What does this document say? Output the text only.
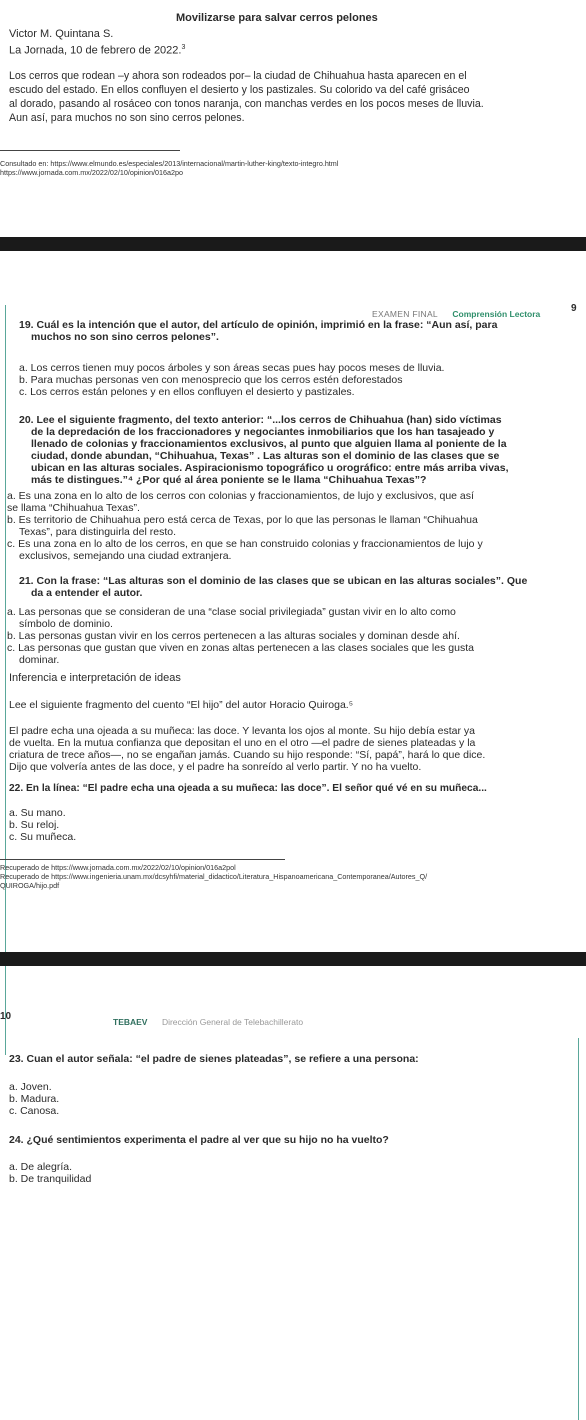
Movilizarse para salvar cerros pelones
Victor M. Quintana S.
La Jornada, 10 de febrero de 2022.$^3$
Los cerros que rodean –y ahora son rodeados por– la ciudad de Chihuahua hasta aparecen en el
escudo del estado. En ellos confluyen el desierto y los pastizales. Su colorido va del café grisáceo
al dorado, pasando al rosáceo con tonos naranja, con manchas verdes en los pocos meses de lluvia.
Aun así, para muchos no son sino cerros pelones.
Consultado en: https://www.elmundo.es/especiales/2013/internacional/martin-luther-king/texto-integro.html
https://www.jornada.com.mx/2022/02/10/opinion/016a2po
EXAMEN FINAL Comprensión Lectora	9
19. Cuál es la intención que el autor, del artículo de opinión, imprimió en la frase: “Aun así, para
muchos no son sino cerros pelones”.
a. Los cerros tienen muy pocos árboles y son áreas secas pues hay pocos meses de lluvia.
b. Para muchas personas ven con menosprecio que los cerros estén deforestados
c. Los cerros están pelones y en ellos confluyen el desierto y pastizales.
20. Lee el siguiente fragmento, del texto anterior: “...los cerros de Chihuahua (han) sido víctimas
de la depredación de los fraccionadores y negociantes inmobiliarios que los han tasajeado y
llenado de colonias y fraccionamientos exclusivos, al punto que alguien llama al poniente de la
ciudad, donde abundan, “Chihuahua, Texas” . Las alturas son el dominio de las clases que se
ubican en las alturas sociales. Aspiracionismo topográfico u orográfico: entre más arriba vivas,
más te distingues.”⁴ ¿Por qué al área poniente se le llama “Chihuahua Texas”?
a. Es una zona en lo alto de los cerros con colonias y fraccionamientos, de lujo y exclusivos, que así
se llama “Chihuahua Texas”.
b. Es territorio de Chihuahua pero está cerca de Texas, por lo que las personas le llaman “Chihuahua
Texas”, para distinguirla del resto.
c. Es una zona en lo alto de los cerros, en que se han construido colonias y fraccionamientos de lujo y
exclusivos, semejando una ciudad extranjera.
21. Con la frase: “Las alturas son el dominio de las clases que se ubican en las alturas sociales”. Que
da a entender el autor.
a. Las personas que se consideran de una “clase social privilegiada” gustan vivir en lo alto como
símbolo de dominio.
b. Las personas gustan vivir en los cerros pertenecen a las alturas sociales y dominan desde ahí.
c. Las personas que gustan que viven en zonas altas pertenecen a las clases sociales que les gusta
dominar.
Inferencia e interpretación de ideas
Lee el siguiente fragmento del cuento “El hijo” del autor Horacio Quiroga.⁵
El padre echa una ojeada a su muñeca: las doce. Y levanta los ojos al monte. Su hijo debía estar ya
de vuelta. En la mutua confianza que depositan el uno en el otro —el padre de sienes plateadas y la
criatura de trece años—, no se engañan jamás. Cuando su hijo responde: “Sí, papá”, hará lo que dice.
Dijo que volvería antes de las doce, y el padre ha sonreído al verlo partir. Y no ha vuelto.
22. En la línea: “El padre echa una ojeada a su muñeca: las doce”. El señor qué vé en su muñeca...
a. Su mano.
b. Su reloj.
c. Su muñeca.
Recuperado de https://www.jornada.com.mx/2022/02/10/opinion/016a2pol
Recuperado de https://www.ingenieria.unam.mx/dcsyhfi/material_didactico/Literatura_Hispanoamericana_Contemporanea/Autores_Q/
QUIROGA/hijo.pdf
10	TEBAEV Dirección General de Telebachillerato
23. Cuan el autor señala: “el padre de sienes plateadas”, se refiere a una persona:
a. Joven.
b. Madura.
c. Canosa.
24. ¿Qué sentimientos experimenta el padre al ver que su hijo no ha vuelto?
a. De alegría.
b. De tranquilidad
